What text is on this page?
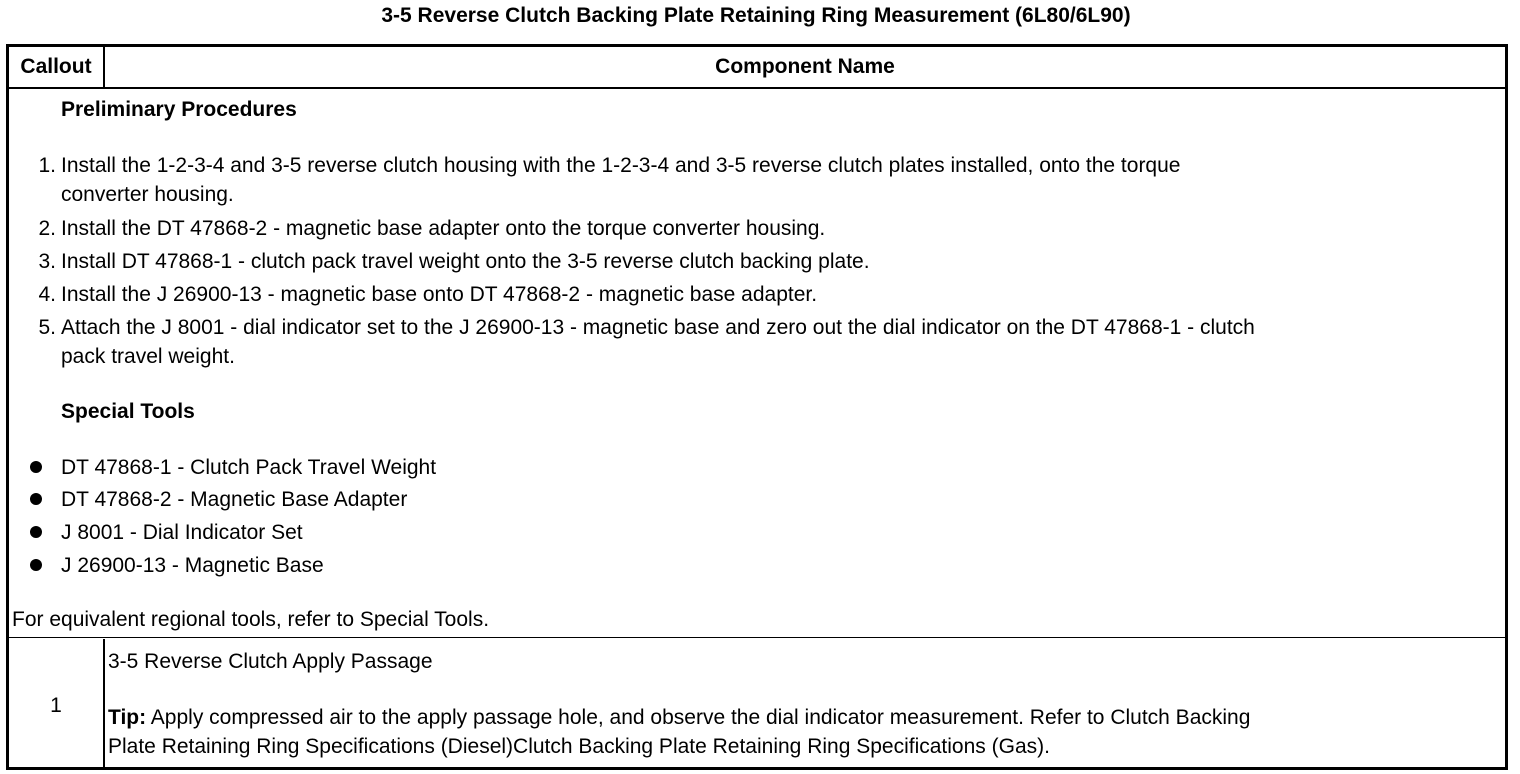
3-5 Reverse Clutch Backing Plate Retaining Ring Measurement (6L80/6L90)
Callout	Component Name
Preliminary Procedures
1. Install the 1-2-3-4 and 3-5 reverse clutch housing with the 1-2-3-4 and 3-5 reverse clutch plates installed, onto the torque
converter housing.
2. Install the DT 47868-2 - magnetic base adapter onto the torque converter housing.
3. Install DT 47868-1 - clutch pack travel weight onto the 3-5 reverse clutch backing plate.
4. Install the J 26900-13 - magnetic base onto DT 47868-2 - magnetic base adapter.
5. Attach the J 8001 - dial indicator set to the J 26900-13 - magnetic base and zero out the dial indicator on the DT 47868-1 - clutch
pack travel weight.
Special Tools
DT 47868-1 - Clutch Pack Travel Weight
DT 47868-2 - Magnetic Base Adapter
J 8001 - Dial Indicator Set
J 26900-13 - Magnetic Base
For equivalent regional tools, refer to Special Tools.
1
3-5 Reverse Clutch Apply Passage
Tip: Apply compressed air to the apply passage hole, and observe the dial indicator measurement. Refer to Clutch Backing
Plate Retaining Ring Specifications (Diesel)Clutch Backing Plate Retaining Ring Specifications (Gas).
